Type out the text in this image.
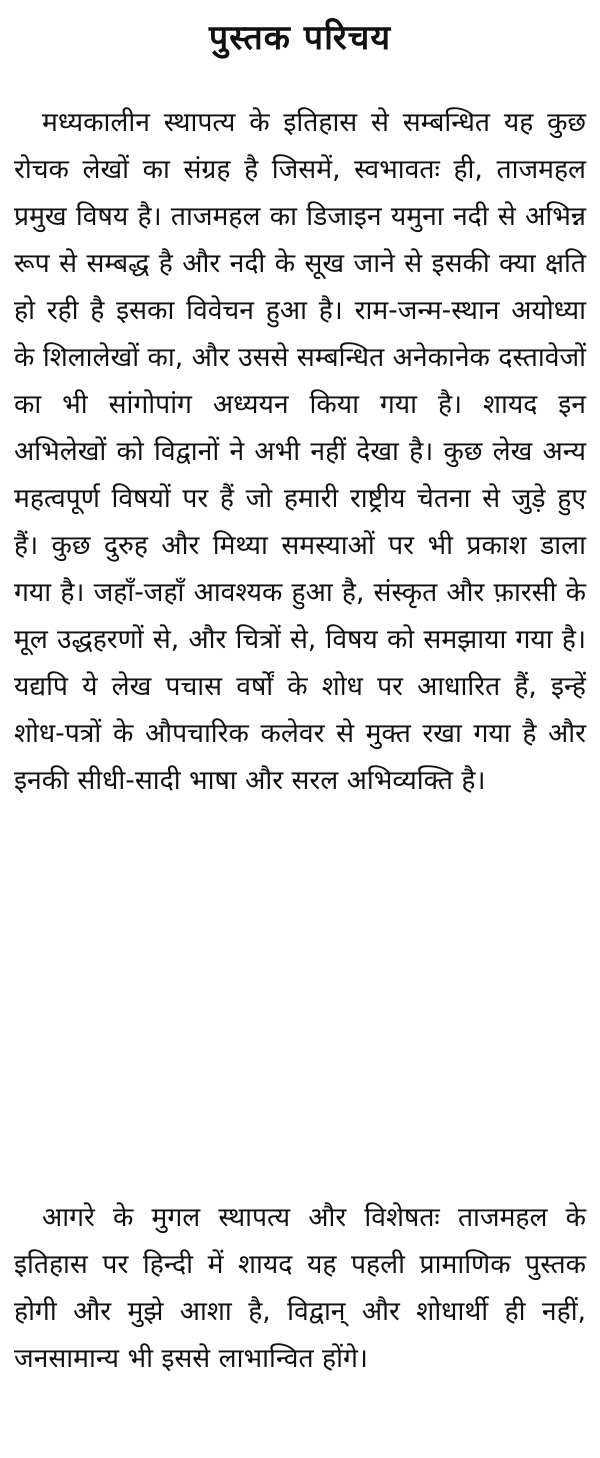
पुस्तक परिचय

मध्यकालीन स्थापत्य के इतिहास से सम्बन्धित यह कुछ रोचक लेखों का संग्रह है जिसमें, स्वभावतः ही, ताजमहल प्रमुख विषय है। ताजमहल का डिजाइन यमुना नदी से अभिन्न रूप से सम्बद्ध है और नदी के सूख जाने से इसकी क्या क्षति हो रही है इसका विवेचन हुआ है। राम-जन्म-स्थान अयोध्या के शिलालेखों का, और उससे सम्बन्धित अनेकानेक दस्तावेजों का भी सांगोपांग अध्ययन किया गया है। शायद इन अभिलेखों को विद्वानों ने अभी नहीं देखा है। कुछ लेख अन्य महत्वपूर्ण विषयों पर हैं जो हमारी राष्ट्रीय चेतना से जुड़े हुए हैं। कुछ दुरुह और मिथ्या समस्याओं पर भी प्रकाश डाला गया है। जहाँ-जहाँ आवश्यक हुआ है, संस्कृत और फ़ारसी के मूल उद्धहरणों से, और चित्रों से, विषय को समझाया गया है। यद्यपि ये लेख पचास वर्षों के शोध पर आधारित हैं, इन्हें शोध-पत्रों के औपचारिक कलेवर से मुक्त रखा गया है और इनकी सीधी-सादी भाषा और सरल अभिव्यक्ति है।

आगरे के मुगल स्थापत्य और विशेषतः ताजमहल के इतिहास पर हिन्दी में शायद यह पहली प्रामाणिक पुस्तक होगी और मुझे आशा है, विद्वान् और शोधार्थी ही नहीं, जनसामान्य भी इससे लाभान्वित होंगे।
